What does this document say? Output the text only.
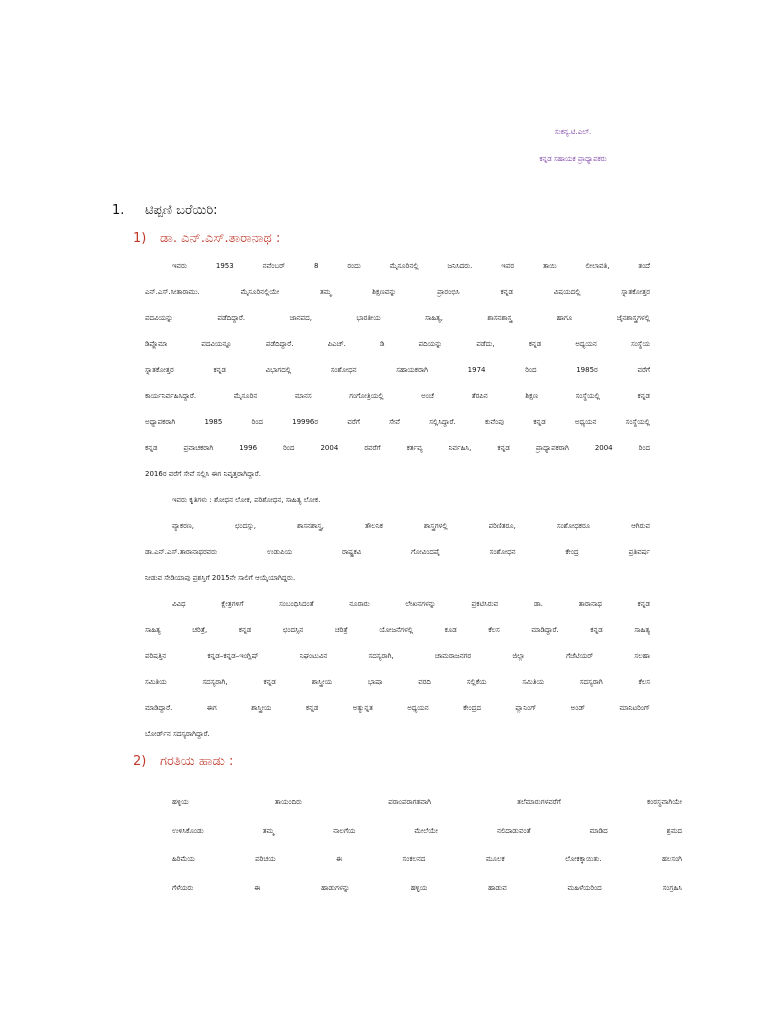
ಸುಕನ್ಯ.ಟಿ.ಎಲ್.
ಕನ್ನಡ ಸಹಾಯಕ ಪ್ರಾಧ್ಯಾಪಕರು
1. ಟಿಪ್ಪಣಿ ಬರೆಯಿರಿ:
1) ಡಾ. ಎನ್.ಎಸ್.ತಾರಾನಾಥ :
ಇವರು 1953 ನವೆಂಬರ್ 8 ರಂದು ಮೈಸೂರಿನಲ್ಲಿ ಜನಿಸಿದರು. ಇವರ ತಾಯಿ ಲೀಲಾವತಿ, ತಂದೆ
ಎನ್.ಎಸ್.ಸೀತಾರಾಮು. ಮೈಸೂರಿನಲ್ಲಿಯೇ ತಮ್ಮ ಶಿಕ್ಷಣವನ್ನು ಪ್ರಾರಂಭಿಸಿ ಕನ್ನಡ ವಿಷಯದಲ್ಲಿ ಸ್ನಾತಕೋತ್ತರ
ಪದವಿಯನ್ನು ಪಡೆದಿದ್ದಾರೆ. ಜಾನಪದ, ಭಾರತೀಯ ಸಾಹಿತ್ಯ, ಶಾಸನಶಾಸ್ತ್ರ ಹಾಗೂ ಜೈನಶಾಸ್ತ್ರಗಳಲ್ಲಿ
ಡಿಪ್ಲೊಮಾ ಪದವಿಯನ್ನೂ ಪಡೆದಿದ್ದಾರೆ. ಪಿಎಚ್. ಡಿ ಪದಿಯನ್ನು ಪಡೆದು, ಕನ್ನಡ ಅಧ್ಯಯನ ಸಂಸ್ಥೆಯ
ಸ್ನಾತಕೋತ್ತರ ಕನ್ನಡ ವಿಭಾಗದಲ್ಲಿ ಸಂಶೋಧನ ಸಹಾಯಕರಾಗಿ 1974 ರಿಂದ 1985ರ ವರೆಗೆ
ಕಾರ್ಯನಿರ್ವಹಿಸಿದ್ದಾರೆ. ಮೈಸೂರಿನ ಮಾನಸ ಗಂಗೋತ್ರಿಯಲ್ಲಿ ಅಂಚೆ ತೆರಪಿನ ಶಿಕ್ಷಣ ಸಂಸ್ಥೆಯಲ್ಲಿ ಕನ್ನಡ
ಅಧ್ಯಾಪಕರಾಗಿ 1985 ರಿಂದ 19996ರ ವರೆಗೆ ಸೇವೆ ಸಲ್ಲಿಸಿದ್ದಾರೆ. ಕುವೆಂಪು ಕನ್ನಡ ಅಧ್ಯಯನ ಸಂಸ್ಥೆಯಲ್ಲಿ
ಕನ್ನಡ ಪ್ರವಾಚಕರಾಗಿ 1996 ರಿಂದ 2004 ರವರೆಗೆ ಕರ್ತವ್ಯ ನಿರ್ವಹಿಸಿ, ಕನ್ನಡ ಪ್ರಾಧ್ಯಾಪಕರಾಗಿ 2004 ರಿಂದ
2016ರ ವರೆಗೆ ಸೇವೆ ಸಲ್ಲಿಸಿ ಈಗ ನಿವೃತ್ತರಾಗಿದ್ದಾರೆ.
ಇವರು ಕೃತಿಗಳು : ಶೋಧನ ಲೋಕ, ಪರಿಶೋಧನ, ಸಾಹಿತ್ಯ ಲೋಕ.
ವ್ಯಾಕರಣ, ಛಂದಸ್ಸು, ಶಾಸನಶಾಸ್ತ್ರ, ತೌಲನಿಕ ಶಾಸ್ತ್ರಗಳಲ್ಲಿ ಪರಿಣಿತರೂ, ಸಂಶೋಧಕರೂ ಆಗಿರುವ
ಡಾ.ಎನ್.ಎಸ್.ತಾರಾನಾಥರವರು ಉಡುಪಿಯ ರಾಷ್ಟ್ರಕವಿ ಗೋವಿಂದಪೈ ಸಂಶೋಧನ ಕೇಂದ್ರ ಪ್ರತಿವರ್ಷ
ನೀಡುವ ಸೇಡಿಯಾಪು ಪ್ರಶಸ್ತಿಗೆ 2015ನೇ ಸಾಲಿಗೆ ಆಯ್ಕೆಯಾಗಿದ್ದರು.
ವಿವಿಧ ಕ್ಷೇತ್ರಗಳಿಗೆ ಸಂಬಂಧಿಸಿದಂತೆ ನೂರಾರು ಲೇಖನಗಳನ್ನು ಪ್ರಕಟಿಸಿರುವ ಡಾ. ತಾರಾನಾಥ ಕನ್ನಡ
ಸಾಹಿತ್ಯ ಚರಿತ್ರೆ, ಕನ್ನಡ ಛಂದಸ್ಸಿನ ಚರಿತ್ರೆ ಯೋಜನೆಗಳಲ್ಲಿ ಕೂಡ ಕೆಲಸ ಮಾಡಿದ್ದಾರೆ. ಕನ್ನಡ ಸಾಹಿತ್ಯ
ಪರಿಷತ್ತಿನ ಕನ್ನಡ–ಕನ್ನಡ–ಇಂಗ್ಲಿಷ್ ನಿಘಂಟುವಿನ ಸದಸ್ಯರಾಗಿ, ಚಾಮರಾಜನಗರ ಜಿಲ್ಲಾ ಗೆಜೆಟಿಯರ್ ಸಲಹಾ
ಸಮಿತಿಯ ಸದಸ್ಯರಾಗಿ, ಕನ್ನಡ ಶಾಸ್ತ್ರೀಯ ಭಾಷಾ ವರದಿ ಸಲ್ಲಿಕೆಯ ಸಮಿತಿಯ ಸದಸ್ಯರಾಗಿ ಕೆಲಸ
ಮಾಡಿದ್ದಾರೆ. ಈಗ ಶಾಸ್ತ್ರೀಯ ಕನ್ನಡ ಅತ್ಯುನ್ನತ ಅಧ್ಯಯನ ಕೇಂದ್ರದ ಪ್ಲಾನಿಂಗ್ ಅಂಡ್ ಮಾನಿಟರಿಂಗ್
ಬೋರ್ಡ್‌ನ ಸದಸ್ಯರಾಗಿದ್ದಾರೆ.
2) ಗರತಿಯ ಹಾಡು :
ಹಳ್ಳಿಯ ತಾಯಂದಿರು ಪರಾಂಪರಾಗತವಾಗಿ ತಲೆಮಾರುಗಳವರೆಗೆ ಕಂಠಸ್ಥವಾಗಿಯೇ
ಉಳಿಸಿಕೊಂಡು ತಮ್ಮ ನಾಲಗೆಯ ಮೇಲೆಯೇ ನಲಿದಾಡುವಂತೆ ಮಾಡಿದ ಶ್ರಮದ
ಹಿರಿಮೆಯ ಪರಿಚಯ ಈ ಸಂಕಲನದ ಮೂಲಕ ಲೋಕಕ್ಕಾಯಿತು. ಹಲಸಂಗಿ
ಗೆಳೆಯರು ಈ ಹಾಡುಗಳನ್ನು ಹಳ್ಳಿಯ ಹಾಡುವ ಮಹಿಳೆಯರಿಂದ ಸಂಗ್ರಹಿಸಿ
